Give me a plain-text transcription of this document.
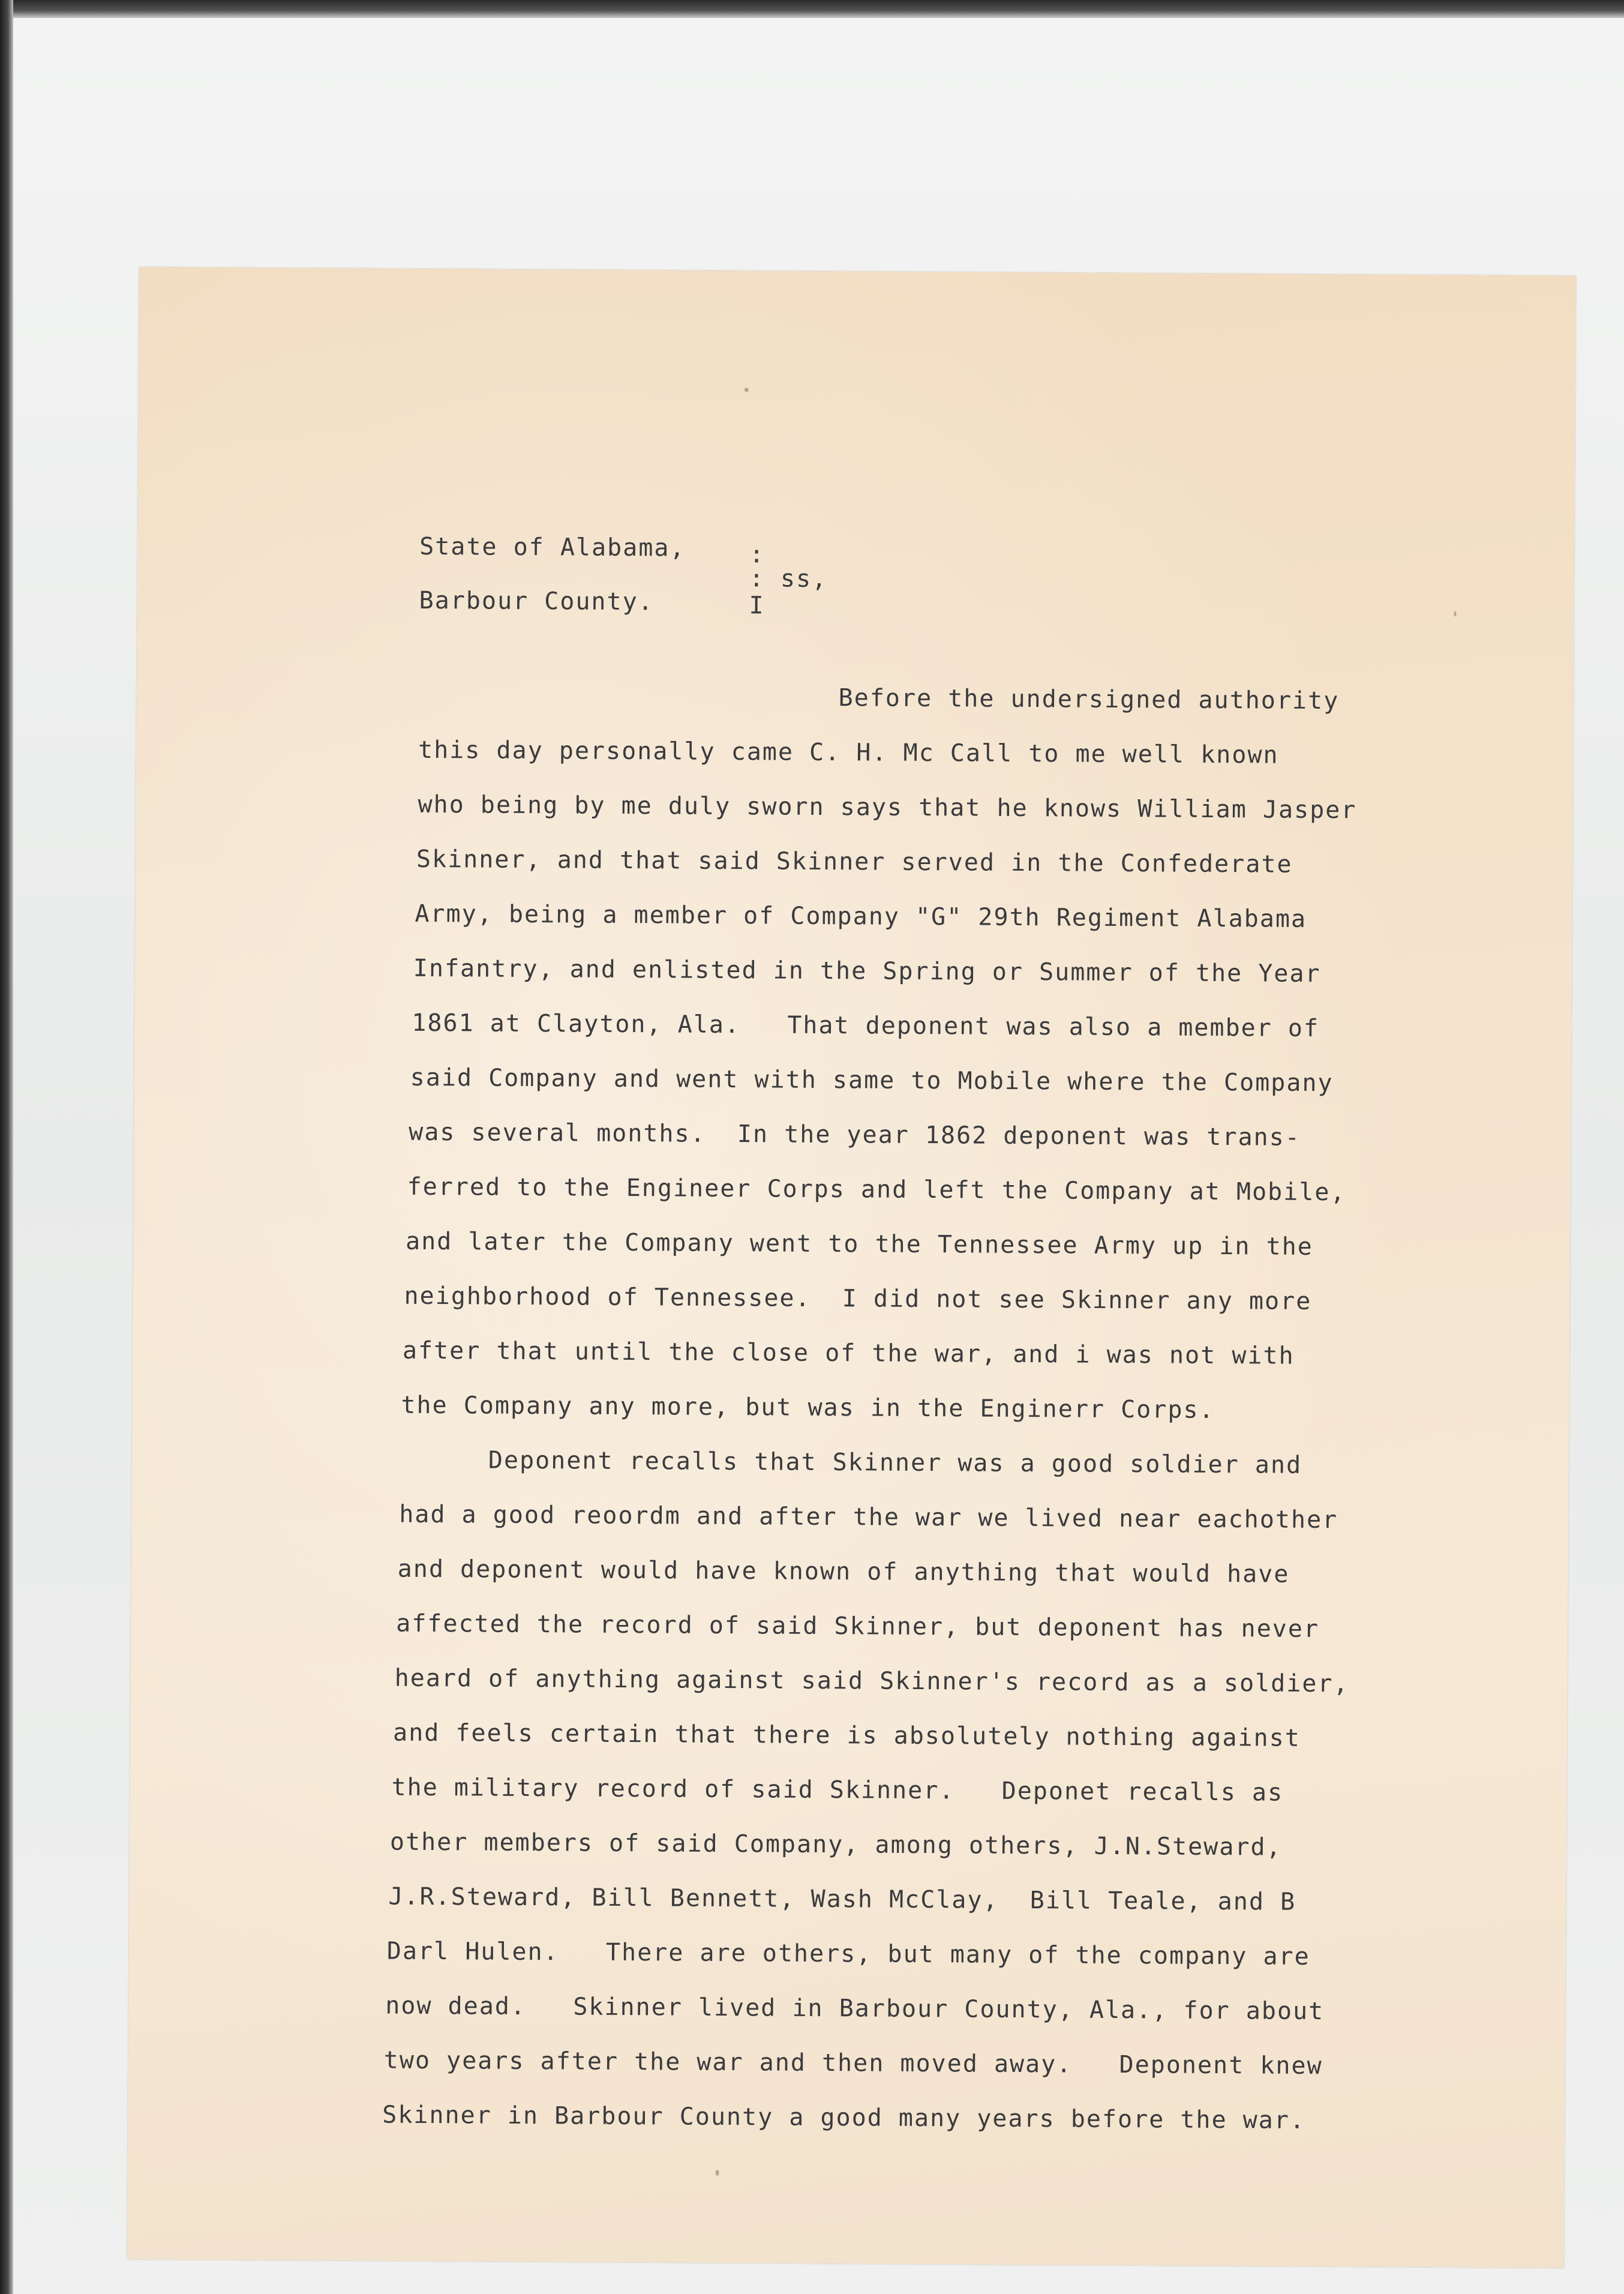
State of Alabama,

Barbour County.

:

: ss,

I

Before the undersigned authority

this day personally came C. H. Mc Call to me well known

who being by me duly sworn says that he knows William Jasper

Skinner, and that said Skinner served in the Confederate

Army, being a member of Company "G" 29th Regiment Alabama

Infantry, and enlisted in the Spring or Summer of the Year

1861 at Clayton, Ala.   That deponent was also a member of

said Company and went with same to Mobile where the Company

was several months.  In the year 1862 deponent was trans-

ferred to the Engineer Corps and left the Company at Mobile,

and later the Company went to the Tennessee Army up in the

neighborhood of Tennessee.  I did not see Skinner any more

after that until the close of the war, and i was not with

the Company any more, but was in the Enginerr Corps.

Deponent recalls that Skinner was a good soldier and

had a good reoordm and after the war we lived near eachother

and deponent would have known of anything that would have

affected the record of said Skinner, but deponent has never

heard of anything against said Skinner's record as a soldier,

and feels certain that there is absolutely nothing against

the military record of said Skinner.   Deponet recalls as

other members of said Company, among others, J.N.Steward,

J.R.Steward, Bill Bennett, Wash McClay,  Bill Teale, and B

Darl Hulen.   There are others, but many of the company are

now dead.   Skinner lived in Barbour County, Ala., for about

two years after the war and then moved away.   Deponent knew

Skinner in Barbour County a good many years before the war.
